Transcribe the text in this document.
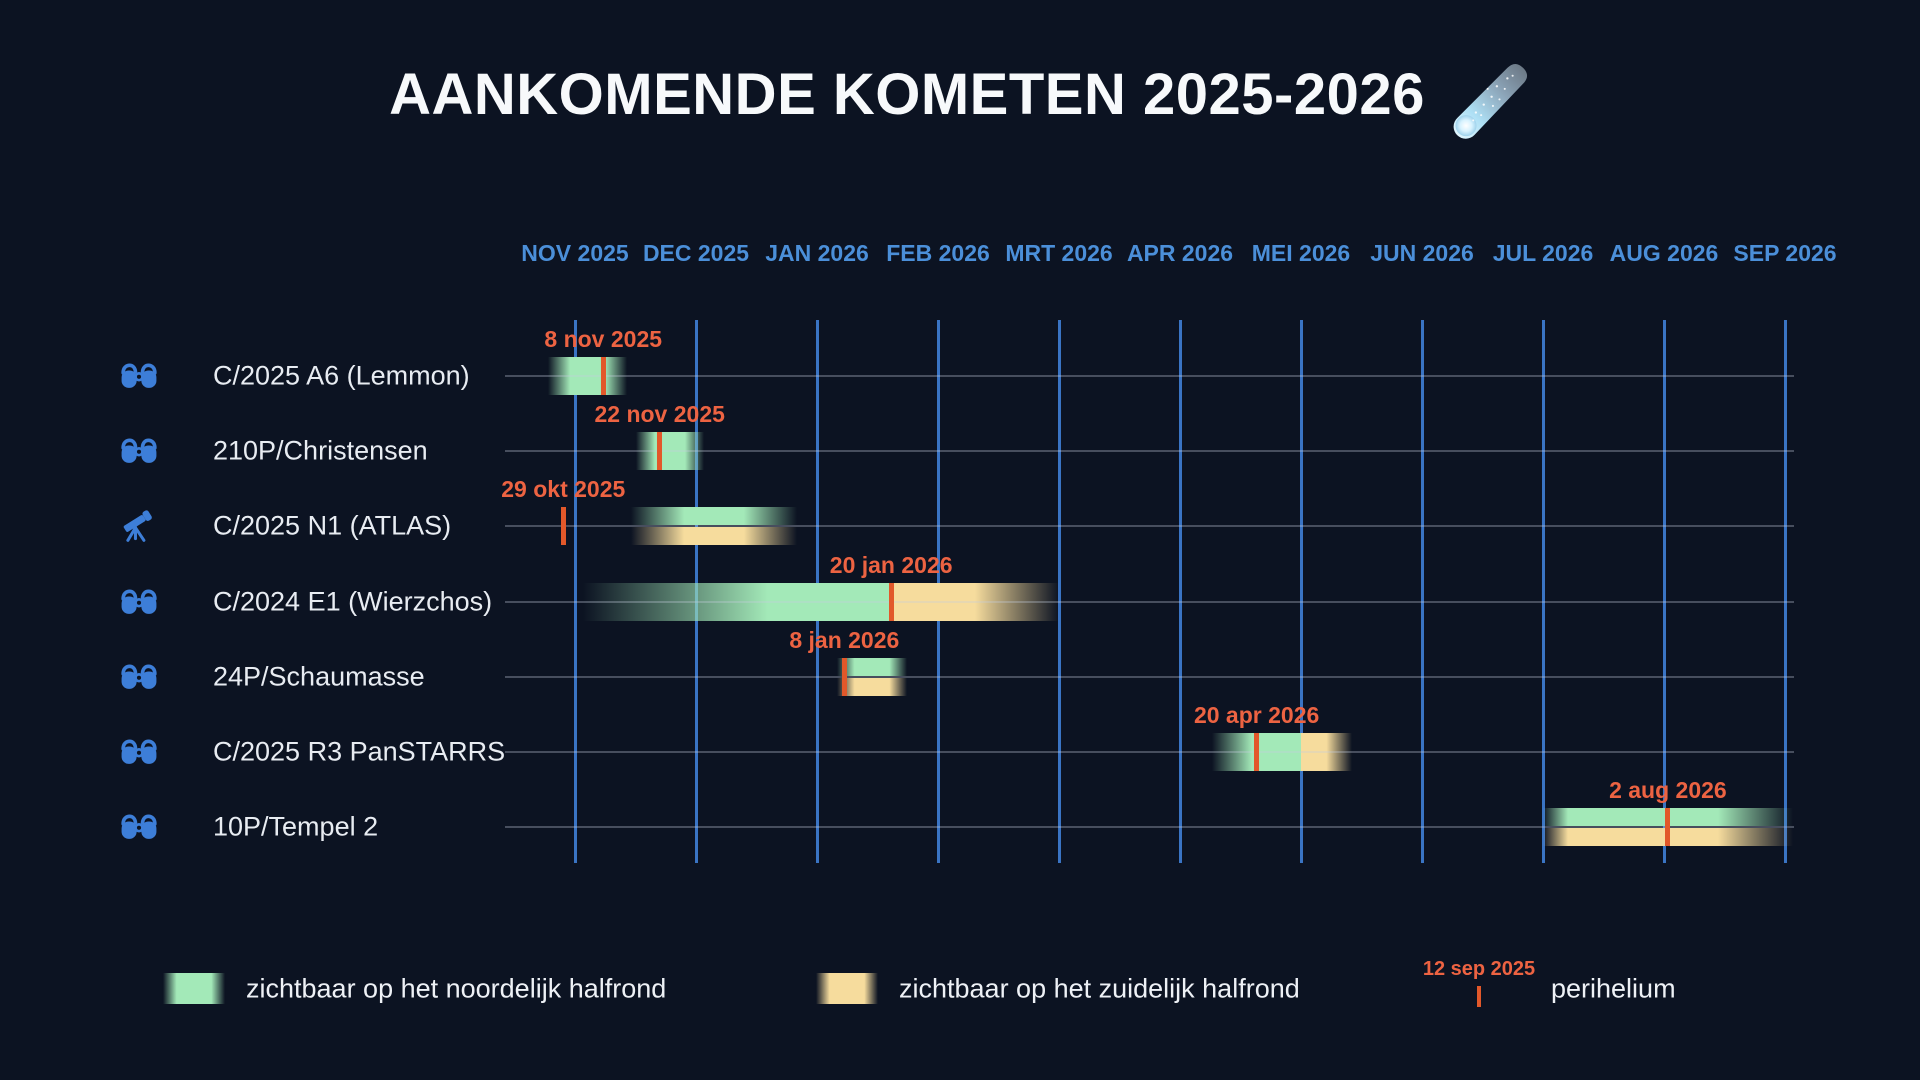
AANKOMENDE KOMETEN 2025-2026
NOV 2025 DEC 2025 JAN 2026 FEB 2026 MRT 2026 APR 2026 MEI 2026 JUN 2026 JUL 2026 AUG 2026 SEP 2026
C/2025 A6 (Lemmon)
8 nov 2025
210P/Christensen
22 nov 2025
C/2025 N1 (ATLAS)
29 okt 2025
C/2024 E1 (Wierzchos)
20 jan 2026
24P/Schaumasse
8 jan 2026
C/2025 R3 PanSTARRS
20 apr 2026
10P/Tempel 2
2 aug 2026
zichtbaar op het noordelijk halfrond	zichtbaar op het zuidelijk halfrond
12 sep 2025
perihelium
